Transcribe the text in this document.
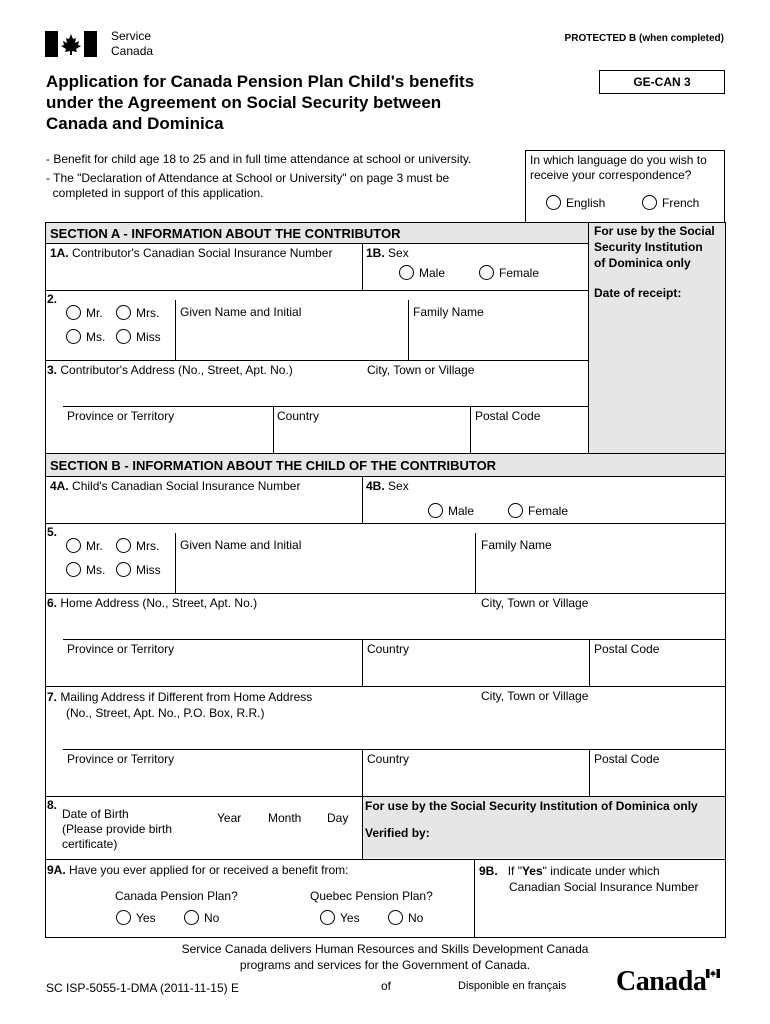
Service
Canada
PROTECTED B (when completed)
Application for Canada Pension Plan Child's benefits
under the Agreement on Social Security between
Canada and Dominica
GE-CAN 3
- Benefit for child age 18 to 25 and in full time attendance at school or university.
- The "Declaration of Attendance at School or University" on page 3 must be
completed in support of this application.
In which language do you wish to
receive your correspondence?
English	French
For use by the Social
Security Institution
of Dominica only
Date of receipt:
SECTION A - INFORMATION ABOUT THE CONTRIBUTOR
1A. Contributor's Canadian Social Insurance Number	1B. Sex
Male	Female
2.
Mr.	Mrs.
Ms.	Miss
Given Name and Initial	Family Name
3. Contributor's Address (No., Street, Apt. No.)	City, Town or Village
Province or Territory	Country	Postal Code
SECTION B - INFORMATION ABOUT THE CHILD OF THE CONTRIBUTOR
4A. Child's Canadian Social Insurance Number	4B. Sex
Male	Female
5.
Mr.	Mrs.
Ms.	Miss
Given Name and Initial	Family Name
6. Home Address (No., Street, Apt. No.)	City, Town or Village
Province or Territory	Country	Postal Code
7. Mailing Address if Different from Home Address
(No., Street, Apt. No., P.O. Box, R.R.)
City, Town or Village
Province or Territory	Country	Postal Code
8.
Date of Birth
(Please provide birth
certificate)
Year Month Day
For use by the Social Security Institution of Dominica only
Verified by:
9A. Have you ever applied for or received a benefit from:
Canada Pension Plan?	Quebec Pension Plan?
Yes	No	Yes	No
9B. If "Yes" indicate under which
Canadian Social Insurance Number
Service Canada delivers Human Resources and Skills Development Canada
programs and services for the Government of Canada.
SC ISP-5055-1-DMA (2011-11-15) E	of	Disponible en français Canada
